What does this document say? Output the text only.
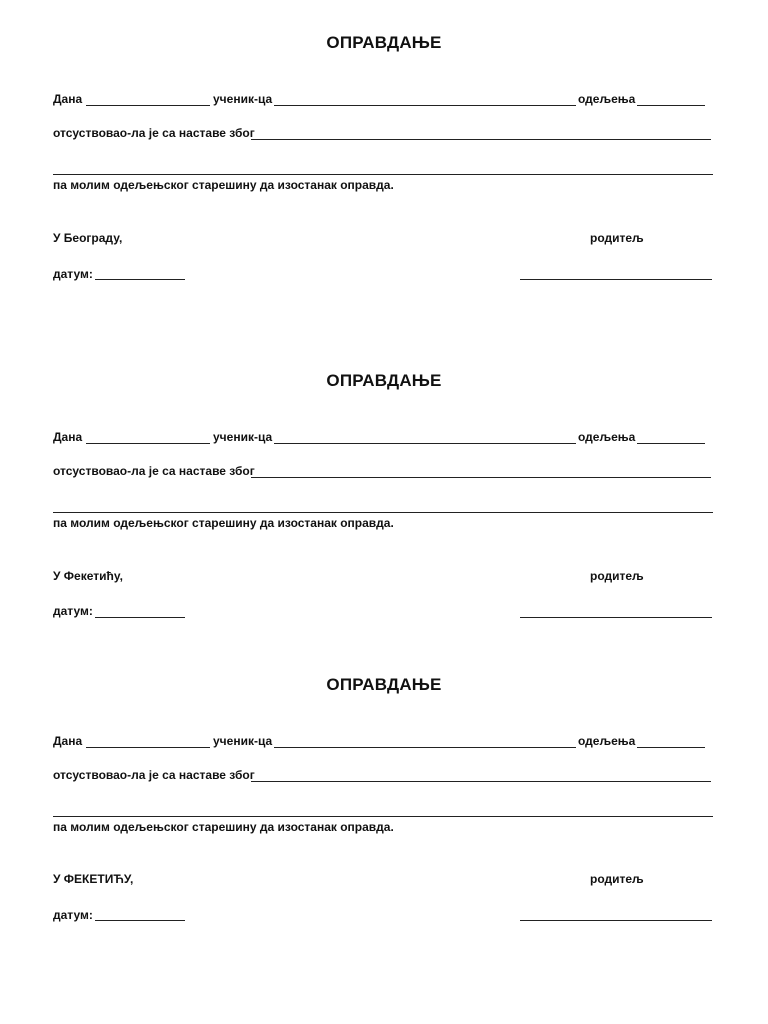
ОПРАВДАЊЕ
Дана	ученик-ца	одељења
отсуствовао-ла је са наставе због
па молим одељењског старешину да изостанак оправда.
У Београду,	родитељ
датум:
ОПРАВДАЊЕ
Дана	ученик-ца	одељења
отсуствовао-ла је са наставе због
па молим одељењског старешину да изостанак оправда.
У Фекетићу,	родитељ
датум:
ОПРАВДАЊЕ
Дана	ученик-ца	одељења
отсуствовао-ла је са наставе због
па молим одељењског старешину да изостанак оправда.
У ФЕКЕТИЋУ,	родитељ
датум:
